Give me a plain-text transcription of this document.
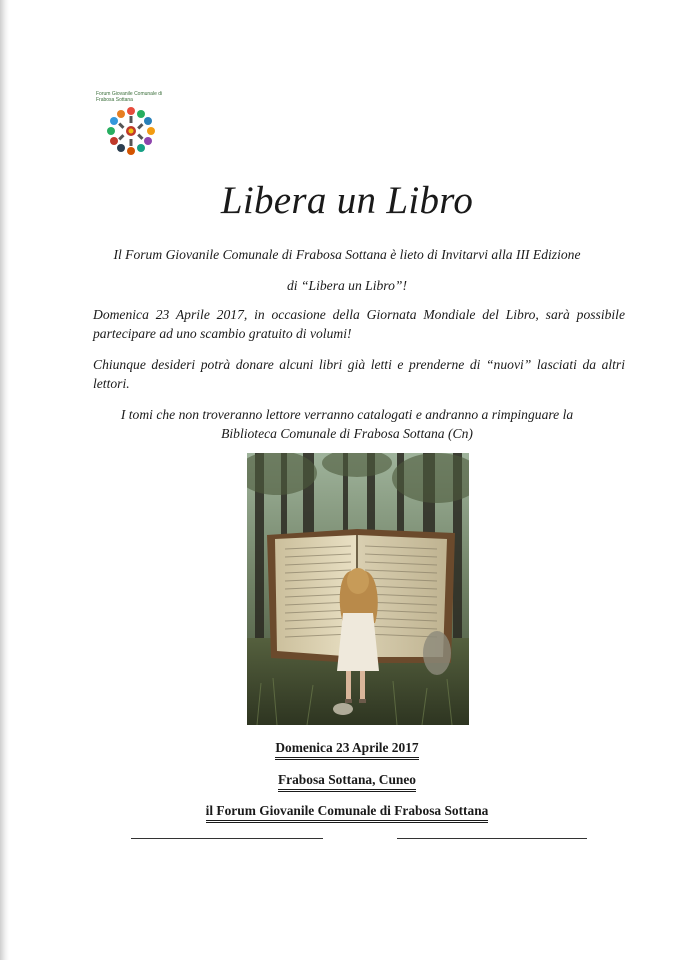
Forum Giovanile Comunale di
Frabosa Sottana
Libera un Libro
Il Forum Giovanile Comunale di Frabosa Sottana è lieto di Invitarvi alla III Edizione
di “Libera un Libro”!
Domenica 23 Aprile 2017, in occasione della Giornata Mondiale del Libro, sarà possibile partecipare ad uno scambio gratuito di volumi!
Chiunque desideri potrà donare alcuni libri già letti e prenderne di “nuovi” lasciati da altri lettori.
I tomi che non troveranno lettore verranno catalogati e andranno a rimpinguare la
Biblioteca Comunale di Frabosa Sottana (Cn)
Domenica 23 Aprile 2017
Frabosa Sottana, Cuneo
il Forum Giovanile Comunale di Frabosa Sottana
